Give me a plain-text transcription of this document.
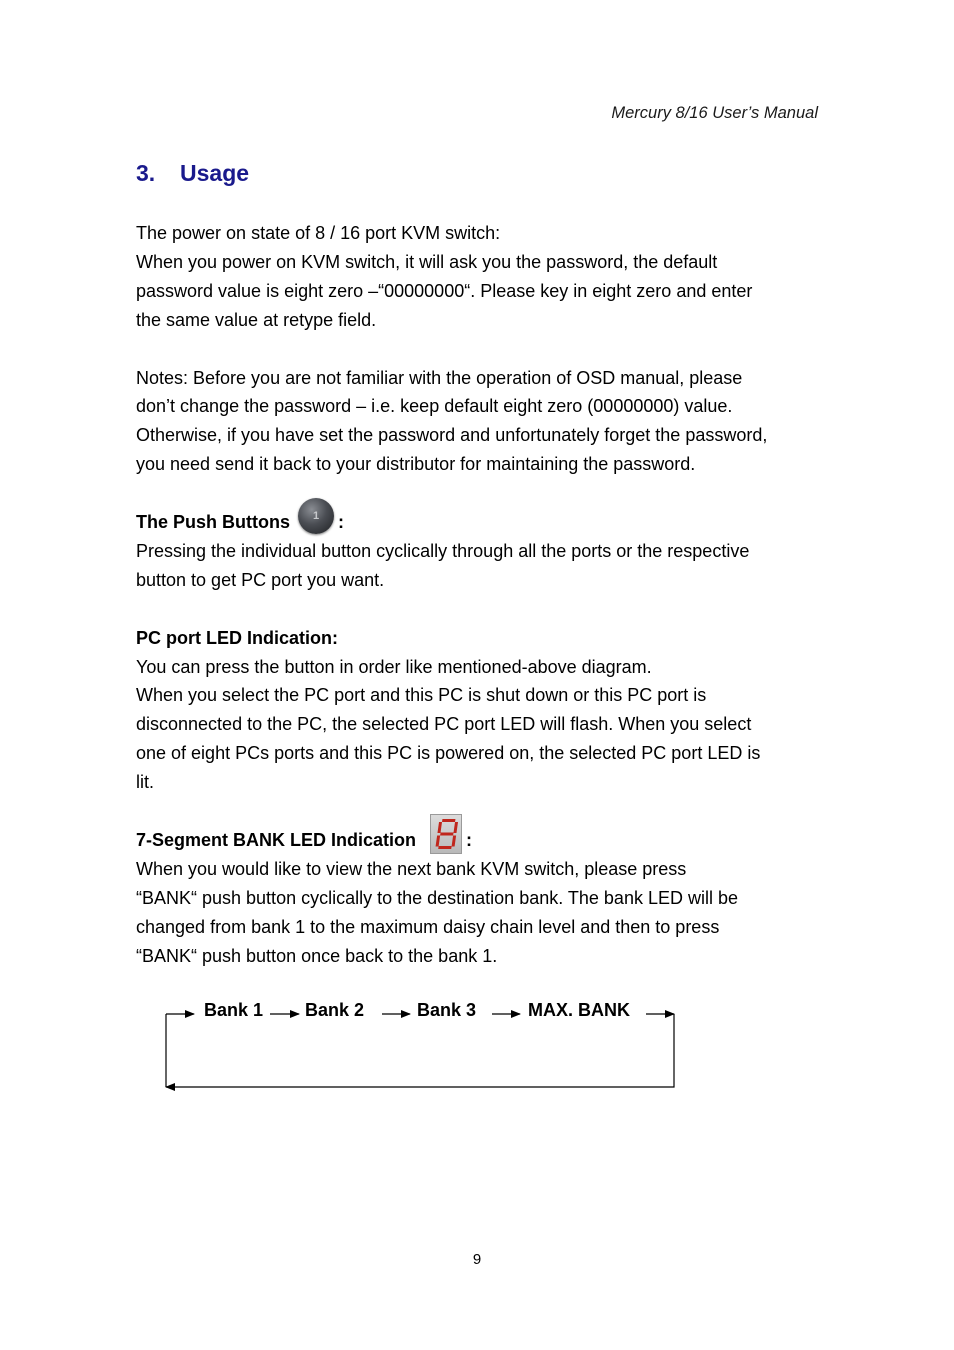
Mercury 8/16 User’s Manual
3.	Usage

The power on state of 8 / 16 port KVM switch:

When you power on KVM switch, it will ask you the password, the default

password value is eight zero –“00000000“. Please key in eight zero and enter

the same value at retype field.

Notes: Before you are not familiar with the operation of OSD manual, please

don’t change the password – i.e. keep default eight zero (00000000) value.

Otherwise, if you have set the password and unfortunately forget the password,

you need send it back to your distributor for maintaining the password.

The Push Buttons	1	:

Pressing the individual button cyclically through all the ports or the respective

button to get PC port you want.

PC port LED Indication:

You can press the button in order like mentioned-above diagram.

When you select the PC port and this PC is shut down or this PC port is

disconnected to the PC, the selected PC port LED will flash. When you select

one of eight PCs ports and this PC is powered on, the selected PC port LED is

lit.

7-Segment BANK LED Indication	:

When you would like to view the next bank KVM switch, please press

“BANK“ push button cyclically to the destination bank. The bank LED will be

changed from bank 1 to the maximum daisy chain level and then to press

“BANK“ push button once back to the bank 1.

Bank 1 Bank 2	Bank 3	MAX. BANK
9
